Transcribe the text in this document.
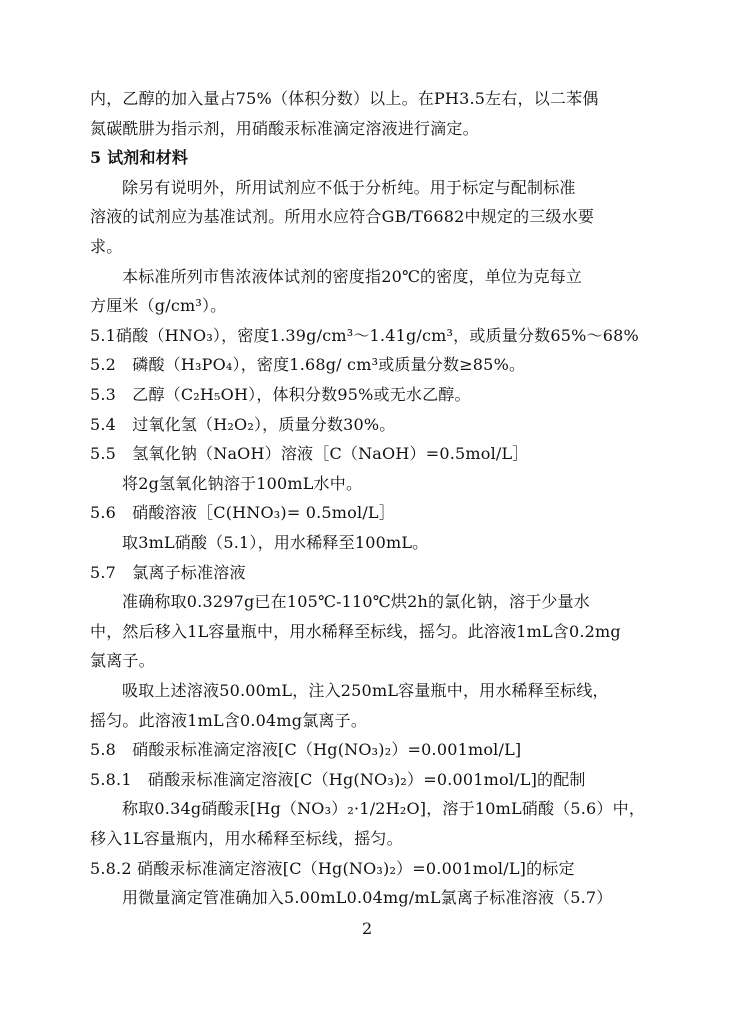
内，乙醇的加入量占75%（体积分数）以上。在PH3.5左右，以二苯偶
氮碳酰肼为指示剂，用硝酸汞标准滴定溶液进行滴定。
5 试剂和材料
除另有说明外，所用试剂应不低于分析纯。用于标定与配制标准
溶液的试剂应为基准试剂。所用水应符合GB/T6682中规定的三级水要
求。
本标准所列市售浓液体试剂的密度指20℃的密度，单位为克每立
方厘米（g/cm³）。
5.1硝酸（HNO₃），密度1.39g/cm³～1.41g/cm³，或质量分数65%～68%
5.2　磷酸（H₃PO₄），密度1.68g/ cm³或质量分数≥85%。
5.3　乙醇（C₂H₅OH），体积分数95%或无水乙醇。
5.4　过氧化氢（H₂O₂），质量分数30%。
5.5　氢氧化钠（NaOH）溶液［C（NaOH）=0.5mol/L］
将2g氢氧化钠溶于100mL水中。
5.6　硝酸溶液［C(HNO₃)= 0.5mol/L］
取3mL硝酸（5.1），用水稀释至100mL。
5.7　氯离子标准溶液
准确称取0.3297g已在105℃-110℃烘2h的氯化钠，溶于少量水
中，然后移入1L容量瓶中，用水稀释至标线，摇匀。此溶液1mL含0.2mg
氯离子。
吸取上述溶液50.00mL，注入250mL容量瓶中，用水稀释至标线，
摇匀。此溶液1mL含0.04mg氯离子。
5.8　硝酸汞标准滴定溶液[C（Hg(NO₃)₂）=0.001mol/L]
5.8.1　硝酸汞标准滴定溶液[C（Hg(NO₃)₂）=0.001mol/L]的配制
称取0.34g硝酸汞[Hg（NO₃）₂·1/2H₂O]，溶于10mL硝酸（5.6）中，
移入1L容量瓶内，用水稀释至标线，摇匀。
5.8.2 硝酸汞标准滴定溶液[C（Hg(NO₃)₂）=0.001mol/L]的标定
用微量滴定管准确加入5.00mL0.04mg/mL氯离子标准溶液（5.7）
2
